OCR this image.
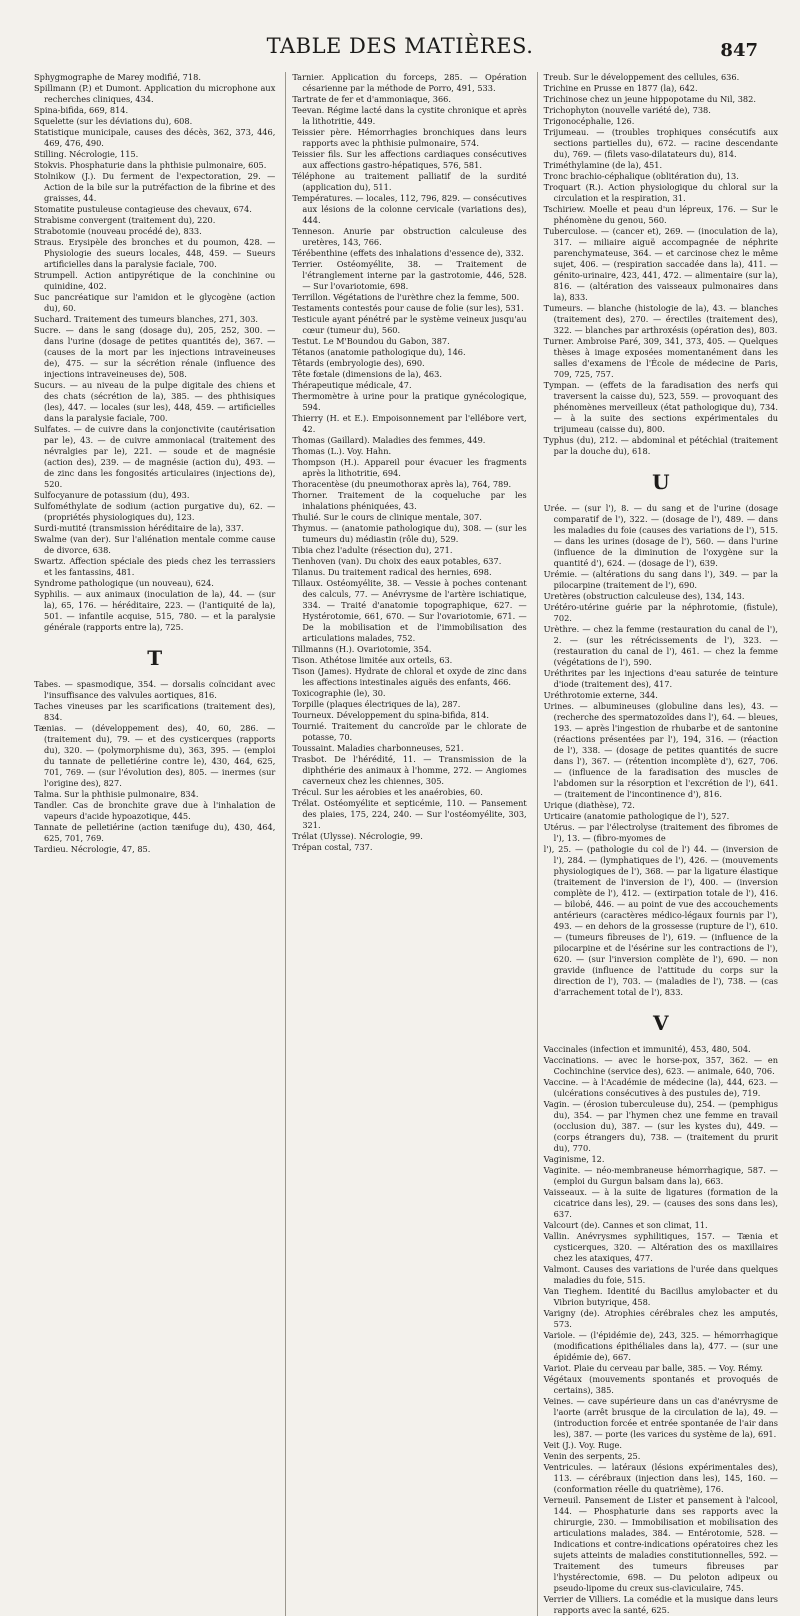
TABLE DES MATIÈRES.	847

Sphygmographe de Marey modifié, 718.

Spillmann (P.) et Dumont. Application du microphone aux recherches cliniques, 434.

Spina-bifida, 669, 814.

Squelette (sur les déviations du), 608.

Statistique municipale, causes des décès, 362, 373, 446, 469, 476, 490.

Stilling. Nécrologie, 115.

Stokvis. Phosphaturie dans la phthisie pulmonaire, 605.

Stolnikow (J.). Du ferment de l'expectoration, 29. — Action de la bile sur la putréfaction de la fibrine et des graisses, 44.

Stomatite pustuleuse contagieuse des chevaux, 674.

Strabisme convergent (traitement du), 220.

Strabotomie (nouveau procédé de), 833.

Straus. Erysipèle des bronches et du poumon, 428. — Physiologie des sueurs locales, 448, 459. — Sueurs artificielles dans la paralysie faciale, 700.

Strumpell. Action antipyrétique de la conchinine ou quinidine, 402.

Suc pancréatique sur l'amidon et le glycogène (action du), 60.

Suchard. Traitement des tumeurs blanches, 271, 303.

Sucre. — dans le sang (dosage du), 205, 252, 300. — dans l'urine (dosage de petites quantités de), 367. — (causes de la mort par les injections intraveineuses de), 475. — sur la sécrétion rénale (influence des injections intraveineuses de), 508.

Sucurs. — au niveau de la pulpe digitale des chiens et des chats (sécrétion de la), 385. — des phthisiques (les), 447. — locales (sur les), 448, 459. — artificielles dans la paralysie faciale, 700.

Sulfates. — de cuivre dans la conjonctivite (cautérisation par le), 43. — de cuivre ammoniacal (traitement des névralgies par le), 221. — soude et de magnésie (action des), 239. — de magnésie (action du), 493. — de zinc dans les fongosités articulaires (injections de), 520.

Sulfocyanure de potassium (du), 493.

Sulfométhylate de sodium (action purgative du), 62. — (propriétés physiologiques du), 123.

Surdi-mutité (transmission héréditaire de la), 337.

Swalme (van der). Sur l'aliénation mentale comme cause de divorce, 638.

Swartz. Affection spéciale des pieds chez les terrassiers et les fantassins, 481.

Syndrome pathologique (un nouveau), 624.

Syphilis. — aux animaux (inoculation de la), 44. — (sur la), 65, 176. — héréditaire, 223. — (l'antiquité de la), 501. — infantile acquise, 515, 780. — et la paralysie générale (rapports entre la), 725.

T

Tabes. — spasmodique, 354. — dorsalis coïncidant avec l'insuffisance des valvules aortiques, 816.

Taches vineuses par les scarifications (traitement des), 834.

Tænias. — (développement des), 40, 60, 286. — (traitement du), 79. — et des cysticerques (rapports du), 320. — (polymorphisme du), 363, 395. — (emploi du tannate de pelletiérine contre le), 430, 464, 625, 701, 769. — (sur l'évolution des), 805. — inermes (sur l'origine des), 827.

Talma. Sur la phthisie pulmonaire, 834.

Tandler. Cas de bronchite grave due à l'inhalation de vapeurs d'acide hypoazotique, 445.

Tannate de pelletiérine (action tænifuge du), 430, 464, 625, 701, 769.

Tardieu. Nécrologie, 47, 85.

Tarnier. Application du forceps, 285. — Opération césarienne par la méthode de Porro, 491, 533.

Tartrate de fer et d'ammoniaque, 366.

Teevan. Régime lacté dans la cystite chronique et après la lithotritie, 449.

Teissier père. Hémorrhagies bronchiques dans leurs rapports avec la phthisie pulmonaire, 574.

Teissier fils. Sur les affections cardiaques consécutives aux affections gastro-hépatiques, 576, 581.

Téléphone au traitement palliatif de la surdité (application du), 511.

Températures. — locales, 112, 796, 829. — consécutives aux lésions de la colonne cervicale (variations des), 444.

Tenneson. Anurie par obstruction calculeuse des uretères, 143, 766.

Térébenthine (effets des inhalations d'essence de), 332.

Terrier. Ostéomyélite, 38. — Traitement de l'étranglement interne par la gastrotomie, 446, 528. — Sur l'ovariotomie, 698.

Terrillon. Végétations de l'urèthre chez la femme, 500.

Testaments contestés pour cause de folie (sur les), 531.

Testicule ayant pénétré par le système veineux jusqu'au cœur (tumeur du), 560.

Testut. Le M'Boundou du Gabon, 387.

Tétanos (anatomie pathologique du), 146.

Têtards (embryologie des), 690.

Tête fœtale (dimensions de la), 463.

Thérapeutique médicale, 47.

Thermomètre à urine pour la pratique gynécologique, 594.

Thierry (H. et E.). Empoisonnement par l'ellébore vert, 42.

Thomas (Gaillard). Maladies des femmes, 449.

Thomas (L.). Voy. Hahn.

Thompson (H.). Appareil pour évacuer les fragments après la lithotritie, 694.

Thoracentèse (du pneumothorax après la), 764, 789.

Thorner. Traitement de la coqueluche par les inhalations phéniquées, 43.

Thulié. Sur le cours de clinique mentale, 307.

Thymus. — (anatomie pathologique du), 308. — (sur les tumeurs du) médiastin (rôle du), 529.

Tibia chez l'adulte (résection du), 271.

Tienhoven (van). Du choix des eaux potables, 637.

Tilanus. Du traitement radical des hernies, 698.

Tillaux. Ostéomyélite, 38. — Vessie à poches contenant des calculs, 77. — Anévrysme de l'artère ischiatique, 334. — Traité d'anatomie topographique, 627. — Hystérotomie, 661, 670. — Sur l'ovariotomie, 671. — De la mobilisation et de l'immobilisation des articulations malades, 752.

Tillmanns (H.). Ovariotomie, 354.

Tison. Athétose limitée aux orteils, 63.

Tison (James). Hydrate de chloral et oxyde de zinc dans les affections intestinales aiguës des enfants, 466.

Toxicographie (le), 30.

Torpille (plaques électriques de la), 287.

Tourneux. Développement du spina-bifida, 814.

Tournié. Traitement du cancroïde par le chlorate de potasse, 70.

Toussaint. Maladies charbonneuses, 521.

Trasbot. De l'hérédité, 11. — Transmission de la diphthérie des animaux à l'homme, 272. — Angiomes caverneux chez les chiennes, 305.

Trécul. Sur les aérobies et les anaérobies, 60.

Trélat. Ostéomyélite et septicémie, 110. — Pansement des plaies, 175, 224, 240. — Sur l'ostéomyélite, 303, 321.

Trélat (Ulysse). Nécrologie, 99.

Trépan costal, 737.

Treub. Sur le développement des cellules, 636.

Trichine en Prusse en 1877 (la), 642.

Trichinose chez un jeune hippopotame du Nil, 382.

Trichophyton (nouvelle variété de), 738.

Trigonocéphalie, 126.

Trijumeau. — (troubles trophiques consécutifs aux sections partielles du), 672. — racine descendante du), 769. — (filets vaso-dilatateurs du), 814.

Triméthylamine (de la), 451.

Tronc brachio-céphalique (oblitération du), 13.

Troquart (R.). Action physiologique du chloral sur la circulation et la respiration, 31.

Tschiriew. Moelle et peau d'un lépreux, 176. — Sur le phénomène du genou, 560.

Tuberculose. — (cancer et), 269. — (inoculation de la), 317. — miliaire aiguë accompagnée de néphrite parenchymateuse, 364. — et carcinose chez le même sujet, 406. — (respiration saccadée dans la), 411. — génito-urinaire, 423, 441, 472. — alimentaire (sur la), 816. — (altération des vaisseaux pulmonaires dans la), 833.

Tumeurs. — blanche (histologie de la), 43. — blanches (traitement des), 270. — érectiles (traitement des), 322. — blanches par arthroxésis (opération des), 803.

Turner. Ambroise Paré, 309, 341, 373, 405. — Quelques thèses à image exposées momentanément dans les salles d'examens de l'École de médecine de Paris, 709, 725, 757.

Tympan. — (effets de la faradisation des nerfs qui traversent la caisse du), 523, 559. — provoquant des phénomènes merveilleux (état pathologique du), 734. — à la suite des sections expérimentales du trijumeau (caisse du), 800.

Typhus (du), 212. — abdominal et pétéchial (traitement par la douche du), 618.

U

Urée. — (sur l'), 8. — du sang et de l'urine (dosage comparatif de l'), 322. — (dosage de l'), 489. — dans les maladies du foie (causes des variations de l'), 515. — dans les urines (dosage de l'), 560. — dans l'urine (influence de la diminution de l'oxygène sur la quantité d'), 624. — (dosage de l'), 639.

Urémie. — (altérations du sang dans l'), 349. — par la pilocarpine (traitement de l'), 690.

Uretères (obstruction calculeuse des), 134, 143.

Urétéro-utérine guérie par la néphrotomie, (fistule), 702.

Urèthre. — chez la femme (restauration du canal de l'), 2. — (sur les rétrécissements de l'), 323. — (restauration du canal de l'), 461. — chez la femme (végétations de l'), 590.

Uréthrites par les injections d'eau saturée de teinture d'iode (traitement des), 417.

Uréthrotomie externe, 344.

Urines. — albumineuses (globuline dans les), 43. — (recherche des spermatozoïdes dans l'), 64. — bleues, 193. — après l'ingestion de rhubarbe et de santonine (réactions présentées par l'), 194, 316. — (réaction de l'), 338. — (dosage de petites quantités de sucre dans l'), 367. — (rétention incomplète d'), 627, 706. — (influence de la faradisation des muscles de l'abdomen sur la résorption et l'excrétion de l'), 641. — (traitement de l'incontinence d'), 816.

Urique (diathèse), 72.

Urticaire (anatomie pathologique de l'), 527.

Utérus. — par l'électrolyse (traitement des fibromes de l'), 13. — (fibro-myomes de

l'), 25. — (pathologie du col de l') 44. — (inversion de l'), 284. — (lymphatiques de l'), 426. — (mouvements physiologiques de l'), 368. — par la ligature élastique (traitement de l'inversion de l'), 400. — (inversion complète de l'), 412. — (extirpation totale de l'), 416. — bilobé, 446. — au point de vue des accouchements antérieurs (caractères médico-légaux fournis par l'), 493. — en dehors de la grossesse (rupture de l'), 610. — (tumeurs fibreuses de l'), 619. — (influence de la pilocarpine et de l'ésérine sur les contractions de l'), 620. — (sur l'inversion complète de l'), 690. — non gravide (influence de l'attitude du corps sur la direction de l'), 703. — (maladies de l'), 738. — (cas d'arrachement total de l'), 833.

V

Vaccinales (infection et immunité), 453, 480, 504.

Vaccinations. — avec le horse-pox, 357, 362. — en Cochinchine (service des), 623. — animale, 640, 706.

Vaccine. — à l'Académie de médecine (la), 444, 623. — (ulcérations consécutives à des pustules de), 719.

Vagin. — (érosion tuberculeuse du), 254. — (pemphigus du), 354. — par l'hymen chez une femme en travail (occlusion du), 387. — (sur les kystes du), 449. — (corps étrangers du), 738. — (traitement du prurit du), 770.

Vaginisme, 12.

Vaginite. — néo-membraneuse hémorrhagique, 587. — (emploi du Gurgun balsam dans la), 663.

Vaisseaux. — à la suite de ligatures (formation de la cicatrice dans les), 29. — (causes des sons dans les), 637.

Valcourt (de). Cannes et son climat, 11.

Vallin. Anévrysmes syphilitiques, 157. — Tænia et cysticerques, 320. — Altération des os maxillaires chez les ataxiques, 477.

Valmont. Causes des variations de l'urée dans quelques maladies du foie, 515.

Van Tieghem. Identité du Bacillus amylobacter et du Vibrion butyrique, 458.

Varigny (de). Atrophies cérébrales chez les amputés, 573.

Variole. — (l'épidémie de), 243, 325. — hémorrhagique (modifications épithéliales dans la), 477. — (sur une épidémie de), 667.

Variot. Plaie du cerveau par balle, 385. — Voy. Rémy.

Végétaux (mouvements spontanés et provoqués de certains), 385.

Veines. — cave supérieure dans un cas d'anévrysme de l'aorte (arrêt brusque de la circulation de la), 49. — (introduction forcée et entrée spontanée de l'air dans les), 387. — porte (les varices du système de la), 691.

Veit (J.). Voy. Ruge.

Venin des serpents, 25.

Ventricules. — latéraux (lésions expérimentales des), 113. — cérébraux (injection dans les), 145, 160. — (conformation réelle du quatrième), 176.

Verneuil. Pansement de Lister et pansement à l'alcool, 144. — Phosphaturie dans ses rapports avec la chirurgie, 230. — Immobilisation et mobilisation des articulations malades, 384. — Entérotomie, 528. — Indications et contre-indications opératoires chez les sujets atteints de maladies constitutionnelles, 592. — Traitement des tumeurs fibreuses par l'hystérectomie, 698. — Du peloton adipeux ou pseudo-lipome du creux sus-claviculaire, 745.

Verrier de Villiers. La comédie et la musique dans leurs rapports avec la santé, 625.
